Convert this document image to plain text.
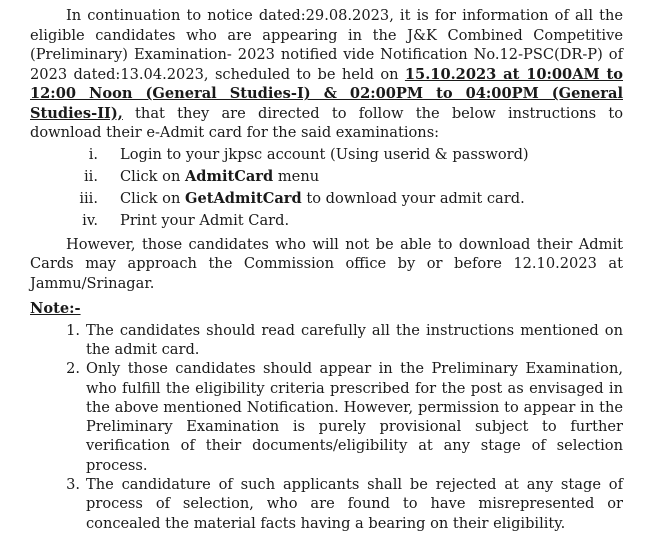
In continuation to notice dated:29.08.2023, it is for information of all the eligible candidates who are appearing in the J&K Combined Competitive (Preliminary) Examination- 2023 notified vide Notification No.12-PSC(DR-P) of 2023 dated:13.04.2023, scheduled to be held on 15.10.2023 at 10:00AM to 12:00 Noon (General Studies-I) & 02:00PM to 04:00PM (General Studies-II), that they are directed to follow the below instructions to download their e-Admit card for the said examinations:

i.	Login to your jkpsc account (Using userid & password)
ii.	Click on AdmitCard menu
iii.	Click on GetAdmitCard to download your admit card.
iv.	Print your Admit Card.

However, those candidates who will not be able to download their Admit Cards may approach the Commission office by or before 12.10.2023 at Jammu/Srinagar.

Note:-
1. The candidates should read carefully all the instructions mentioned on the admit card.
2. Only those candidates should appear in the Preliminary Examination, who fulfill the eligibility criteria prescribed for the post as envisaged in the above mentioned Notification. However, permission to appear in the Preliminary Examination is purely provisional subject to further verification of their documents/eligibility at any stage of selection process.
3. The candidature of such applicants shall be rejected at any stage of process of selection, who are found to have misrepresented or concealed the material facts having a bearing on their eligibility.
